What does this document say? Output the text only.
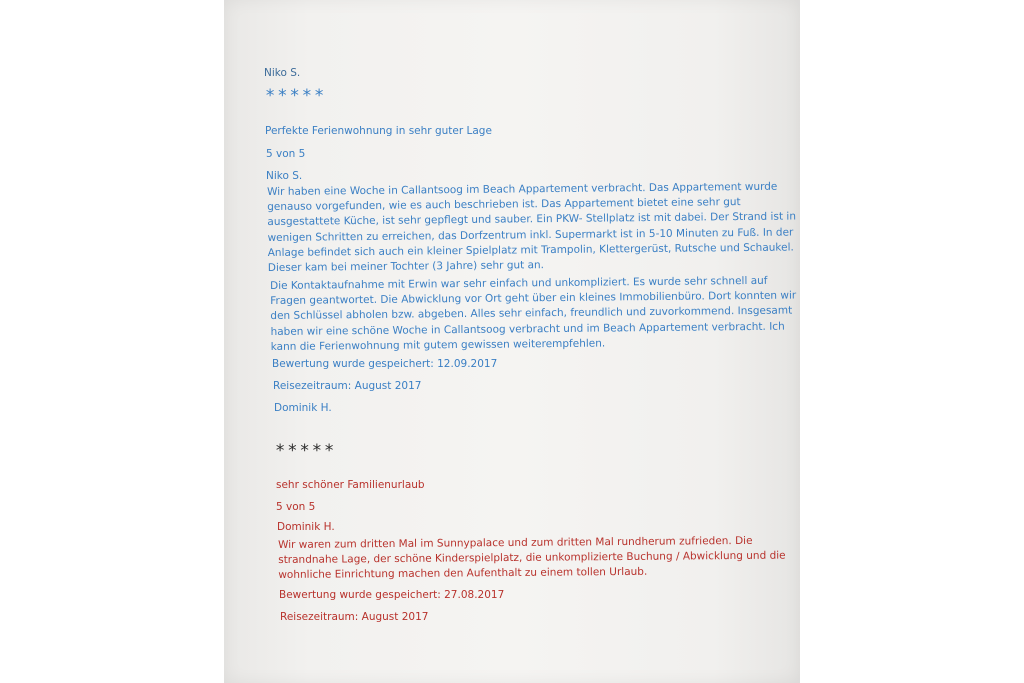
Niko S.
*****
Perfekte Ferienwohnung in sehr guter Lage
5 von 5
Niko S.
Wir haben eine Woche in Callantsoog im Beach Appartement verbracht. Das Appartement wurde
genauso vorgefunden, wie es auch beschrieben ist. Das Appartement bietet eine sehr gut
ausgestattete Küche, ist sehr gepflegt und sauber. Ein PKW- Stellplatz ist mit dabei. Der Strand ist in
wenigen Schritten zu erreichen, das Dorfzentrum inkl. Supermarkt ist in 5-10 Minuten zu Fuß. In der
Anlage befindet sich auch ein kleiner Spielplatz mit Trampolin, Klettergerüst, Rutsche und Schaukel.
Dieser kam bei meiner Tochter (3 Jahre) sehr gut an.
Die Kontaktaufnahme mit Erwin war sehr einfach und unkompliziert. Es wurde sehr schnell auf
Fragen geantwortet. Die Abwicklung vor Ort geht über ein kleines Immobilienbüro. Dort konnten wir
den Schlüssel abholen bzw. abgeben. Alles sehr einfach, freundlich und zuvorkommend. Insgesamt
haben wir eine schöne Woche in Callantsoog verbracht und im Beach Appartement verbracht. Ich
kann die Ferienwohnung mit gutem gewissen weiterempfehlen.
Bewertung wurde gespeichert: 12.09.2017
Reisezeitraum: August 2017
Dominik H.
*****
sehr schöner Familienurlaub
5 von 5
Dominik H.
Wir waren zum dritten Mal im Sunnypalace und zum dritten Mal rundherum zufrieden. Die
strandnahe Lage, der schöne Kinderspielplatz, die unkomplizierte Buchung / Abwicklung und die
wohnliche Einrichtung machen den Aufenthalt zu einem tollen Urlaub.
Bewertung wurde gespeichert: 27.08.2017
Reisezeitraum: August 2017
